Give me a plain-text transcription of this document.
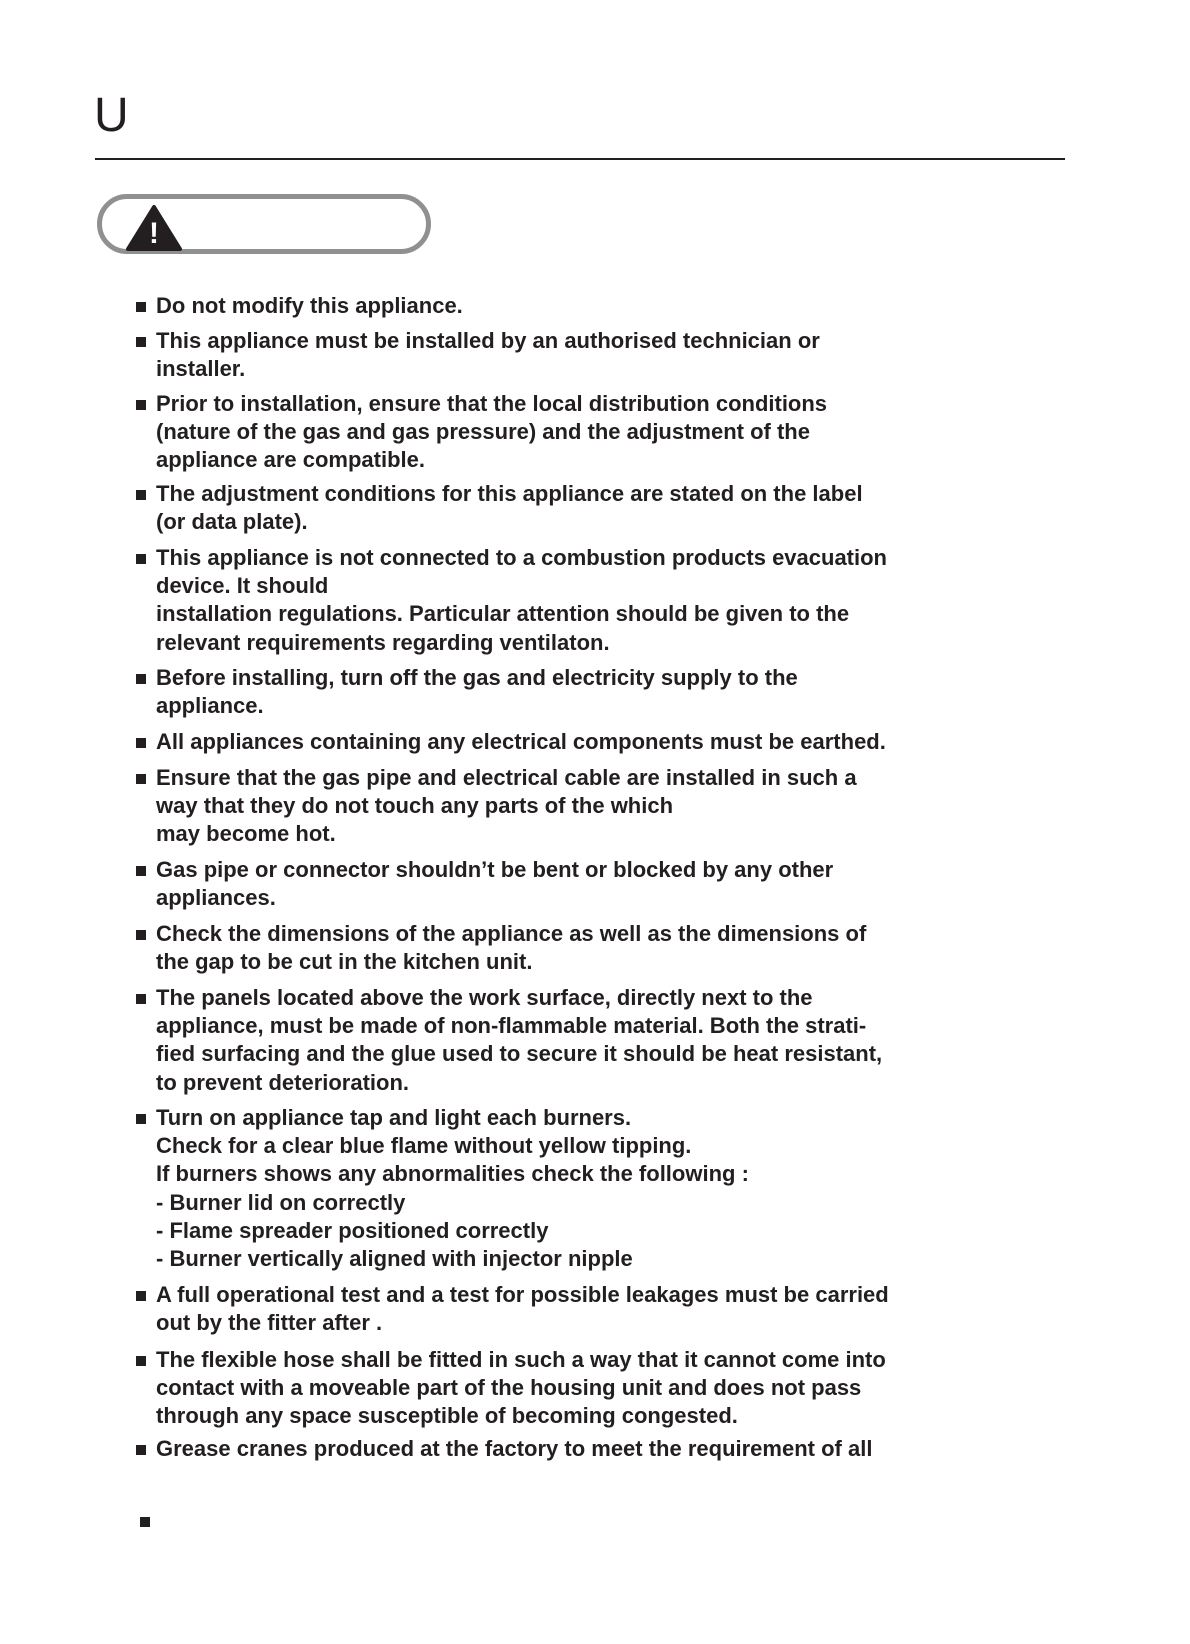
U
!
Do not modify this appliance.
This appliance must be installed by an authorised technician or
installer.
Prior to installation, ensure that the local distribution conditions
(nature of the gas and gas pressure) and the adjustment of the
appliance are compatible.
The adjustment conditions for this appliance are stated on the label
(or data plate).
This appliance is not connected to a combustion products evacuation
device. It should
installation regulations. Particular attention should be given to the
relevant requirements regarding ventilaton.
Before installing, turn off the gas and electricity supply to the
appliance.
All appliances containing any electrical components must be earthed.
Ensure that the gas pipe and electrical cable are installed in such a
way that they do not touch any parts of the which
may become hot.
Gas pipe or connector shouldn’t be bent or blocked by any other
appliances.
Check the dimensions of the appliance as well as the dimensions of
the gap to be cut in the kitchen unit.
The panels located above the work surface, directly next to the
appliance, must be made of non-flammable material. Both the strati-
fied surfacing and the glue used to secure it should be heat resistant,
to prevent deterioration.
Turn on appliance tap and light each burners.
Check for a clear blue flame without yellow tipping.
If burners shows any abnormalities check the following :
- Burner lid on correctly
- Flame spreader positioned correctly
- Burner vertically aligned with injector nipple
A full operational test and a test for possible leakages must be carried
out by the fitter after .
The flexible hose shall be fitted in such a way that it cannot come into
contact with a moveable part of the housing unit and does not pass
through any space susceptible of becoming congested.
Grease cranes produced at the factory to meet the requirement of all
